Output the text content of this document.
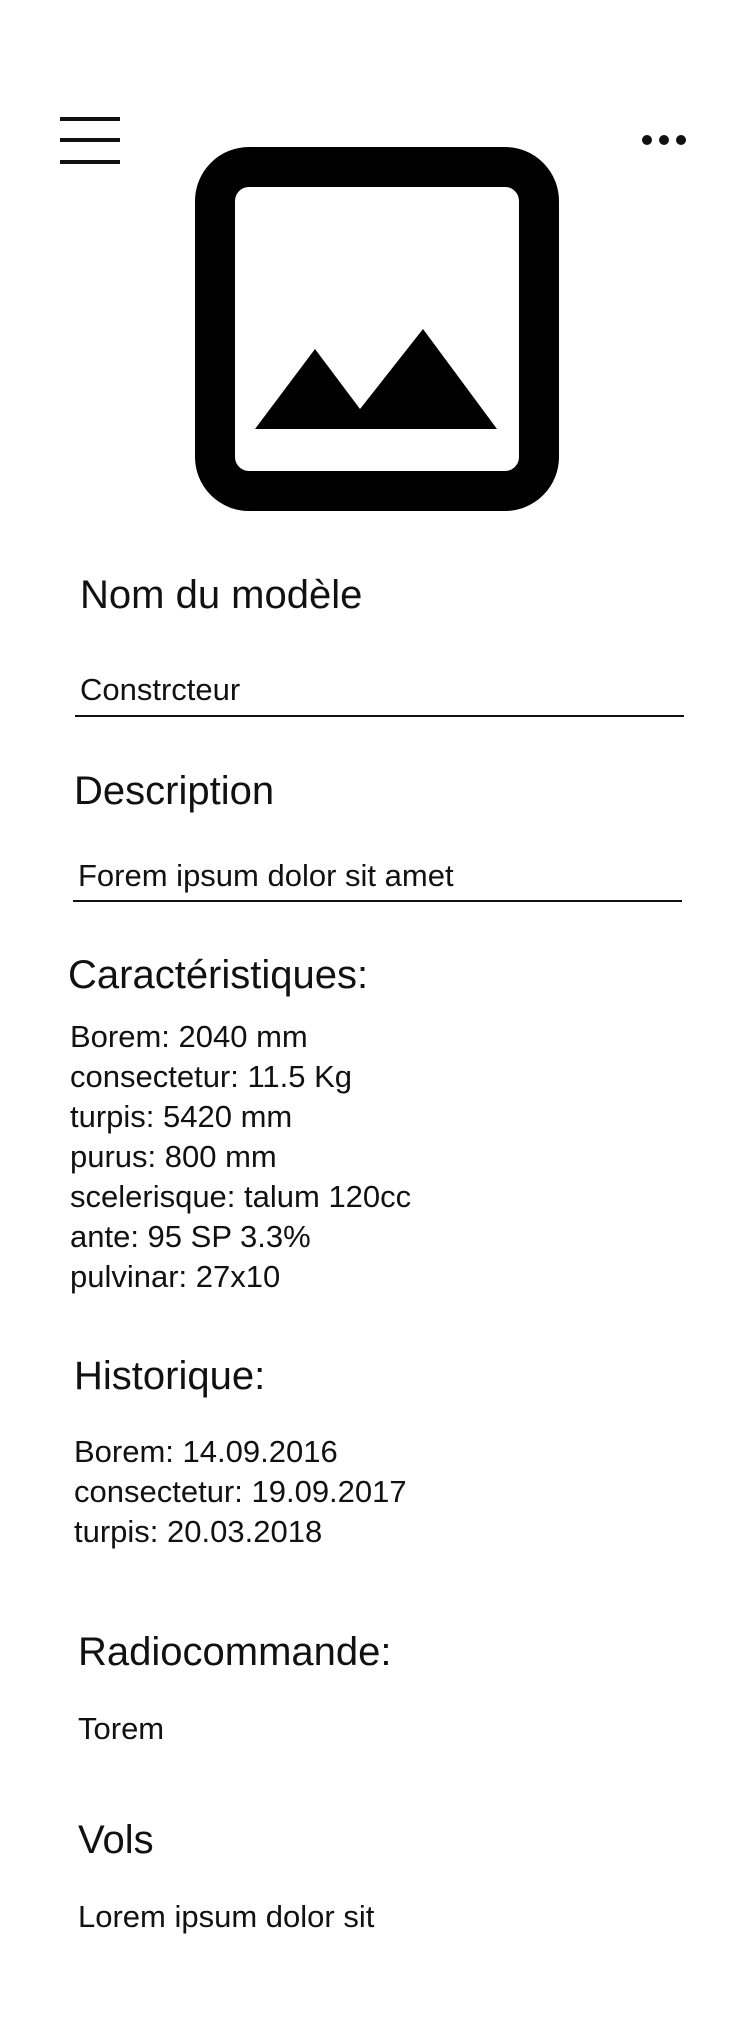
Nom du modèle
Constrcteur
Description
Forem ipsum dolor sit amet
Caractéristiques:
Borem: 2040 mm
consectetur: 11.5 Kg
turpis: 5420 mm
purus: 800 mm
scelerisque: talum 120cc
ante: 95 SP 3.3%
pulvinar: 27x10
Historique:
Borem: 14.09.2016
consectetur: 19.09.2017
turpis: 20.03.2018
Radiocommande:
Torem
Vols
Lorem ipsum dolor sit
